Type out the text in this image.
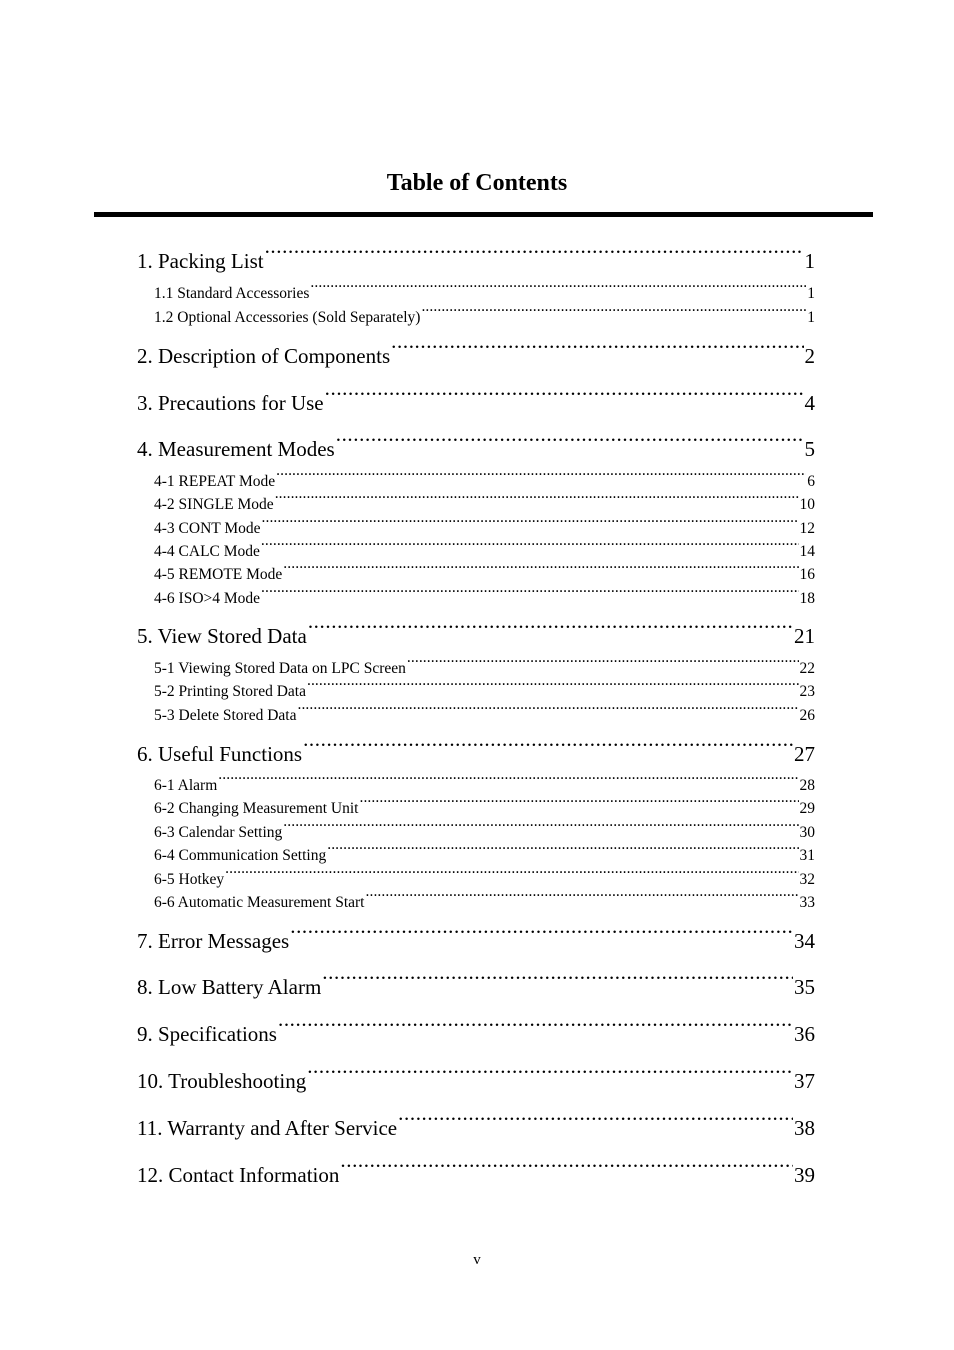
Table of Contents
1. Packing List .....	1
1.1 Standard Accessories .....	1
1.2 Optional Accessories (Sold Separately) .....	1
2. Description of Components .....	2
3. Precautions for Use .....	4
4. Measurement Modes .....	5
4-1 REPEAT Mode .....	6
4-2 SINGLE Mode .....	10
4-3 CONT Mode .....	12
4-4 CALC Mode .....	14
4-5 REMOTE Mode .....	16
4-6 ISO>4 Mode .....	18
5. View Stored Data .....	21
5-1 Viewing Stored Data on LPC Screen .....	22
5-2 Printing Stored Data .....	23
5-3 Delete Stored Data .....	26
6. Useful Functions .....	27
6-1 Alarm .....	28
6-2 Changing Measurement Unit .....	29
6-3 Calendar Setting .....	30
6-4 Communication Setting .....	31
6-5 Hotkey .....	32
6-6 Automatic Measurement Start .....	33
7. Error Messages .....	34
8. Low Battery Alarm .....	35
9. Specifications .....	36
10. Troubleshooting .....	37
11. Warranty and After Service .....	38
12. Contact Information .....	39
v
